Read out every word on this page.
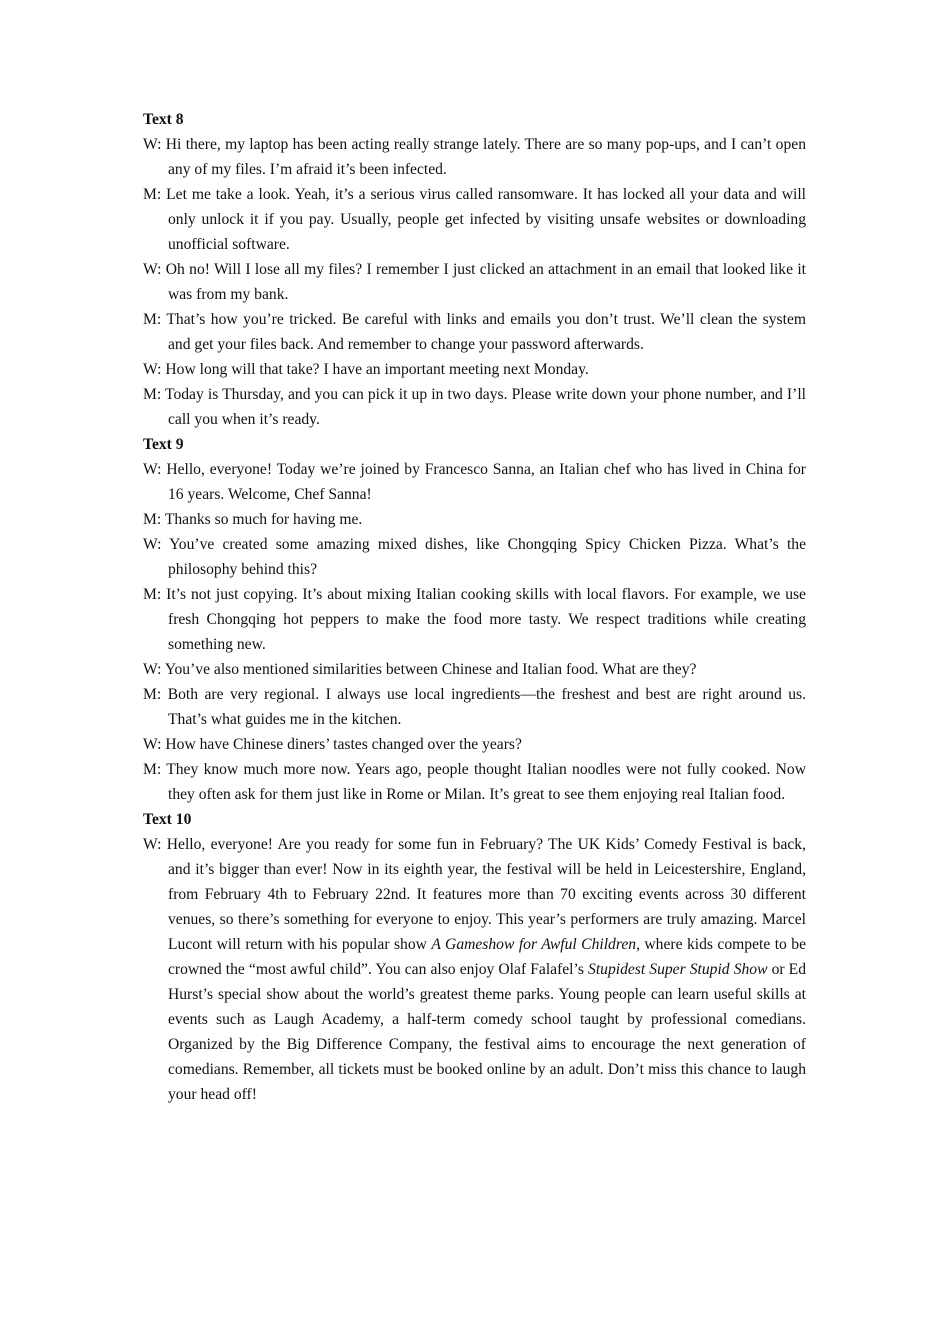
Text 8

W: Hi there, my laptop has been acting really strange lately. There are so many pop-ups, and I can’t open any of my files. I’m afraid it’s been infected.

M: Let me take a look. Yeah, it’s a serious virus called ransomware. It has locked all your data and will only unlock it if you pay. Usually, people get infected by visiting unsafe websites or downloading unofficial software.

W: Oh no! Will I lose all my files? I remember I just clicked an attachment in an email that looked like it was from my bank.

M: That’s how you’re tricked. Be careful with links and emails you don’t trust. We’ll clean the system and get your files back. And remember to change your password afterwards.

W: How long will that take? I have an important meeting next Monday.

M: Today is Thursday, and you can pick it up in two days. Please write down your phone number, and I’ll call you when it’s ready.

Text 9

W: Hello, everyone! Today we’re joined by Francesco Sanna, an Italian chef who has lived in China for 16 years. Welcome, Chef Sanna!

M: Thanks so much for having me.

W: You’ve created some amazing mixed dishes, like Chongqing Spicy Chicken Pizza. What’s the philosophy behind this?

M: It’s not just copying. It’s about mixing Italian cooking skills with local flavors. For example, we use fresh Chongqing hot peppers to make the food more tasty. We respect traditions while creating something new.

W: You’ve also mentioned similarities between Chinese and Italian food. What are they?

M: Both are very regional. I always use local ingredients—the freshest and best are right around us. That’s what guides me in the kitchen.

W: How have Chinese diners’ tastes changed over the years?

M: They know much more now. Years ago, people thought Italian noodles were not fully cooked. Now they often ask for them just like in Rome or Milan. It’s great to see them enjoying real Italian food.

Text 10

W: Hello, everyone! Are you ready for some fun in February? The UK Kids’ Comedy Festival is back, and it’s bigger than ever! Now in its eighth year, the festival will be held in Leicestershire, England, from February 4th to February 22nd. It features more than 70 exciting events across 30 different venues, so there’s something for everyone to enjoy. This year’s performers are truly amazing. Marcel Lucont will return with his popular show A Gameshow for Awful Children, where kids compete to be crowned the “most awful child”. You can also enjoy Olaf Falafel’s Stupidest Super Stupid Show or Ed Hurst’s special show about the world’s greatest theme parks. Young people can learn useful skills at events such as Laugh Academy, a half-term comedy school taught by professional comedians. Organized by the Big Difference Company, the festival aims to encourage the next generation of comedians. Remember, all tickets must be booked online by an adult. Don’t miss this chance to laugh your head off!
